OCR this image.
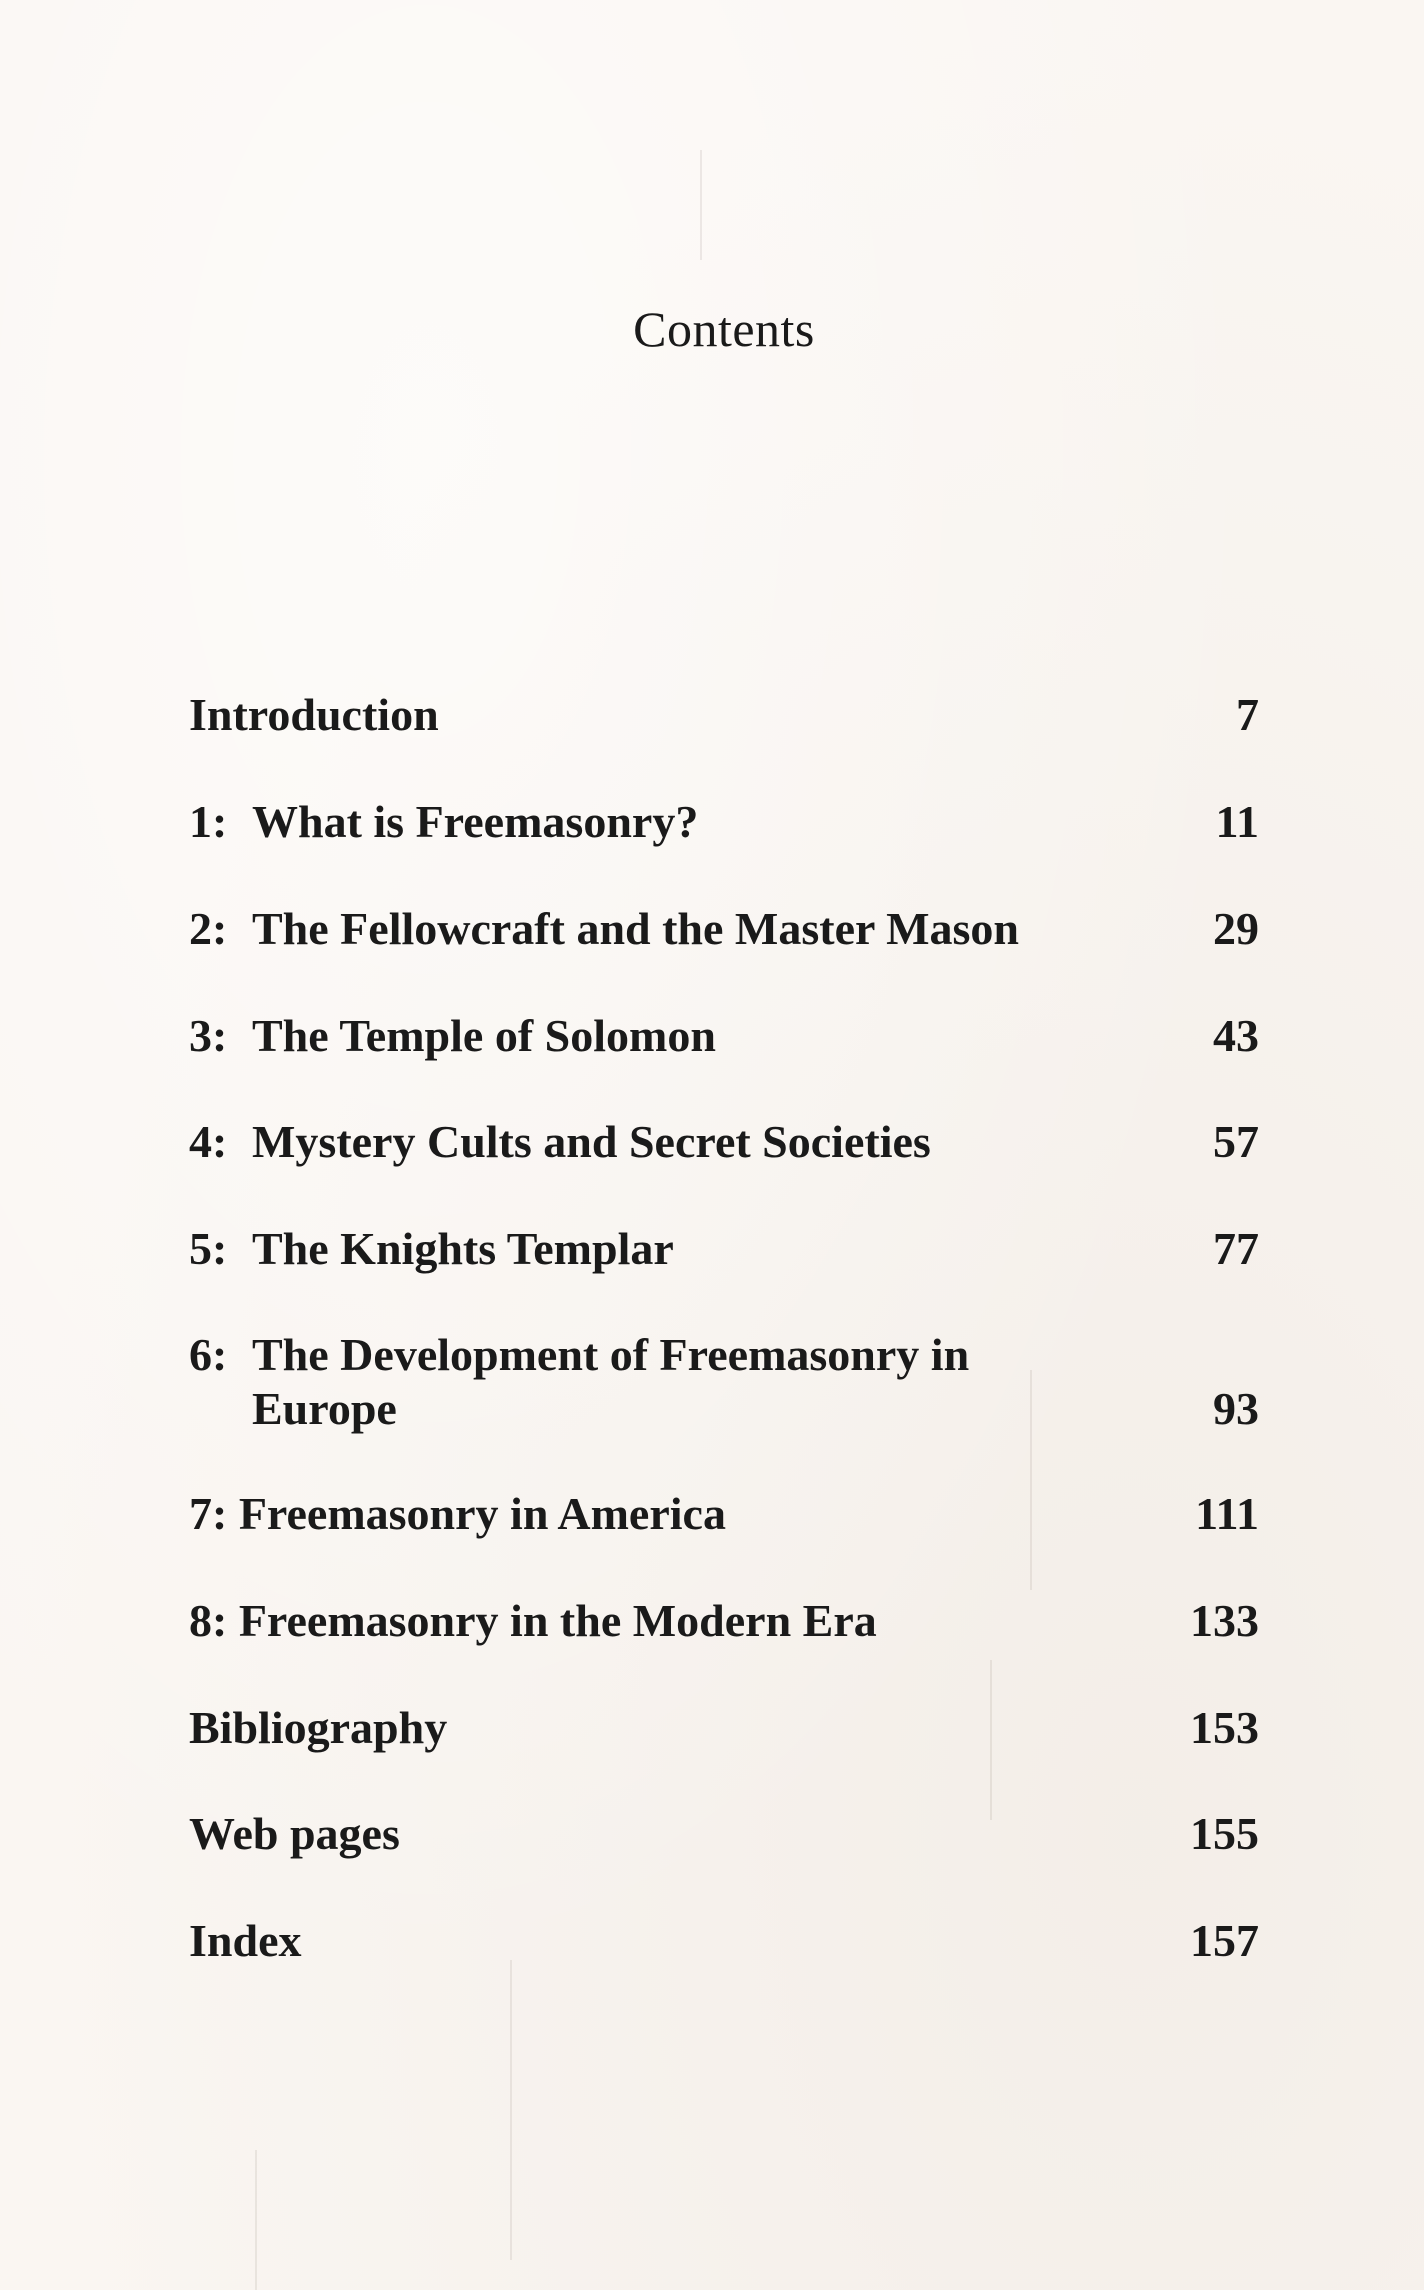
Contents
Introduction	7
1: What is Freemasonry?	11
2: The Fellowcraft and the Master Mason	29
3: The Temple of Solomon	43
4: Mystery Cults and Secret Societies	57
5: The Knights Templar	77
6: The Development of Freemasonry in
Europe	93
7: Freemasonry in America	111
8: Freemasonry in the Modern Era	133
Bibliography	153
Web pages	155
Index	157
